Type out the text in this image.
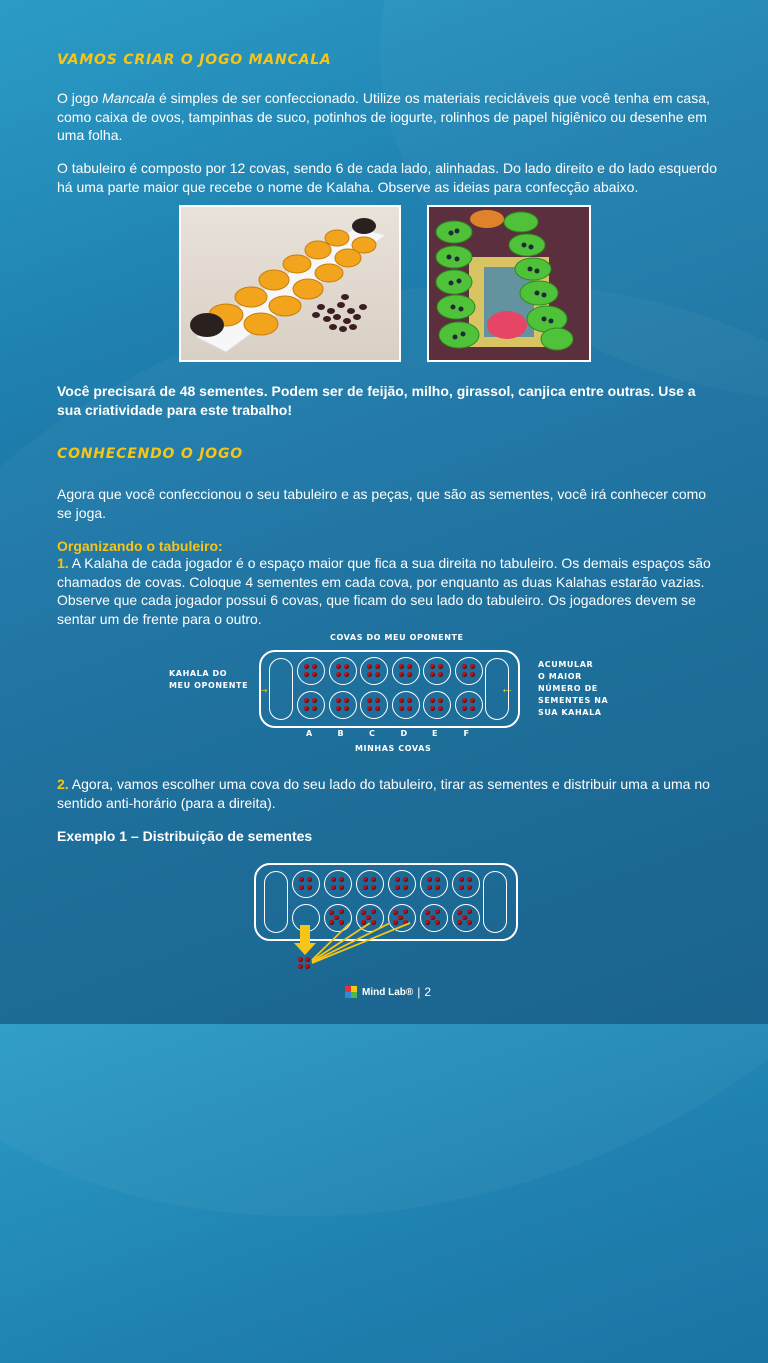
VAMOS CRIAR O JOGO MANCALA

O jogo Mancala é simples de ser confeccionado. Utilize os materiais recicláveis que você tenha em casa, como caixa de ovos, tampinhas de suco, potinhos de iogurte, rolinhos de papel higiênico ou desenhe em uma folha.

O tabuleiro é composto por 12 covas, sendo 6 de cada lado, alinhadas. Do lado direito e do lado esquerdo há uma parte maior que recebe o nome de Kalaha. Observe as ideias para confecção abaixo.

Você precisará de 48 sementes. Podem ser de feijão, milho, girassol, canjica entre outras. Use a sua criatividade para este trabalho!

CONHECENDO O JOGO

Agora que você confeccionou o seu tabuleiro e as peças, que são as sementes, você irá conhecer como se joga.

Organizando o tabuleiro:

1. A Kalaha de cada jogador é o espaço maior que fica a sua direita no tabuleiro. Os demais espaços são chamados de covas. Coloque 4 sementes em cada cova, por enquanto as duas Kalahas estarão vazias. Observe que cada jogador possui 6 covas, que ficam do seu lado do tabuleiro. Os jogadores devem se sentar um de frente para o outro.

2. Agora, vamos escolher uma cova do seu lado do tabuleiro, tirar as sementes e distribuir uma a uma no sentido anti-horário (para a direita).

Exemplo 1 – Distribuição de sementes

COVAS DO MEU OPONENTE
KAHALA DO
MEU OPONENTE →	←
ACUMULAR
O MAIOR
NÚMERO DE
SEMENTES NA
SUA KAHALA
A	B	C	D	E	F
MINHAS COVAS
Mind Lab® | 2
